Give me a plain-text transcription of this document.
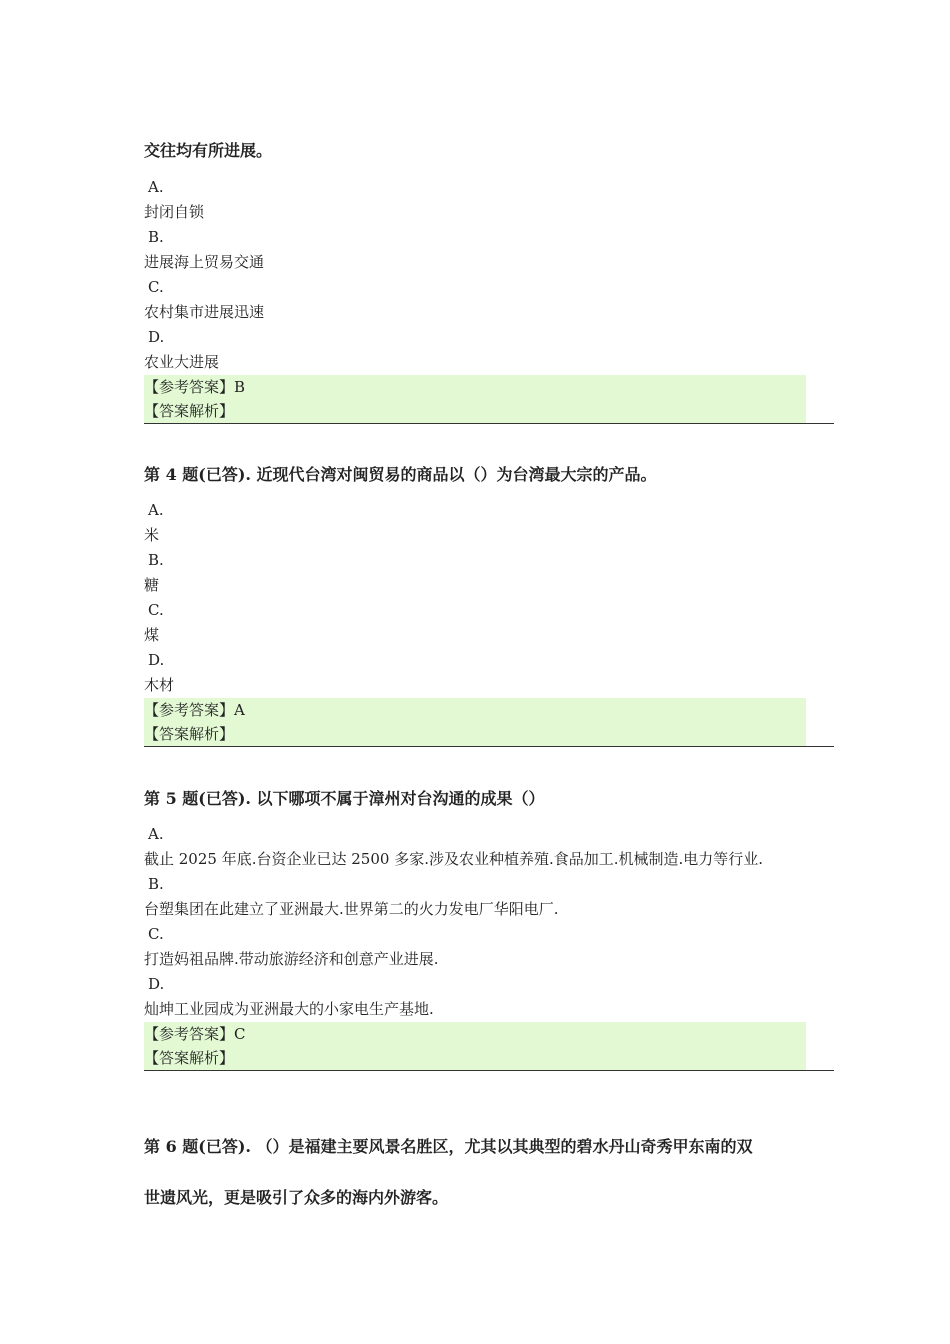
交往均有所进展。

A.
封闭自锁
B.
进展海上贸易交通
C.
农村集市进展迅速
D.
农业大进展
【参考答案】B
【答案解析】

第 4 题(已答). 近现代台湾对闽贸易的商品以（）为台湾最大宗的产品。

A.
米
B.
糖
C.
煤
D.
木材
【参考答案】A
【答案解析】

第 5 题(已答). 以下哪项不属于漳州对台沟通的成果（）

A.
截止 2025 年底.台资企业已达 2500 多家.涉及农业种植养殖.食品加工.机械制造.电力等行业.
B.
台塑集团在此建立了亚洲最大.世界第二的火力发电厂华阳电厂.
C.
打造妈祖品牌.带动旅游经济和创意产业进展.
D.
灿坤工业园成为亚洲最大的小家电生产基地.
【参考答案】C
【答案解析】

第 6 题(已答). （）是福建主要风景名胜区，尤其以其典型的碧水丹山奇秀甲东南的双

世遗风光，更是吸引了众多的海内外游客。
